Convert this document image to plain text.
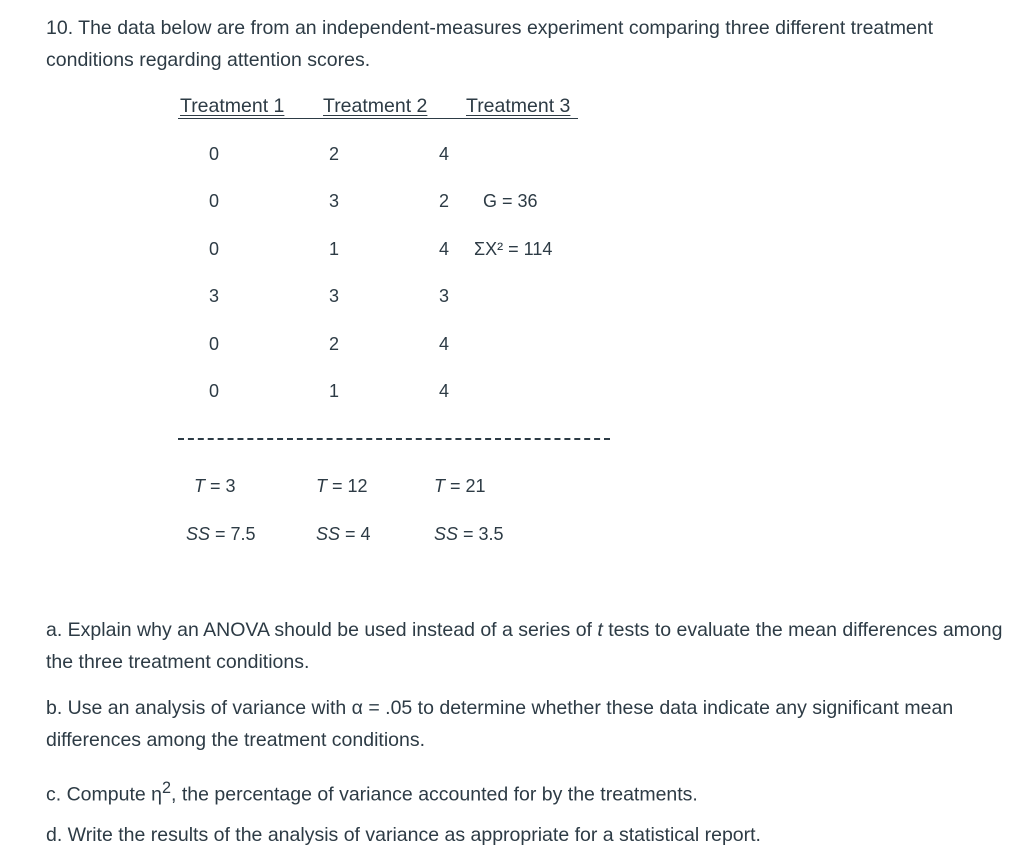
10. The data below are from an independent-measures experiment comparing three different treatment conditions regarding attention scores.

Treatment 1 Treatment 2 Treatment 3
0	2	4
0	3	2
0	1	4
3	3	3
0	2	4
0	1	4
G = 36
ΣX² = 114
T = 3	T = 12	T = 21
SS = 7.5	SS = 4	SS = 3.5

a. Explain why an ANOVA should be used instead of a series of t tests to evaluate the mean differences among the three treatment conditions.

b. Use an analysis of variance with α = .05 to determine whether these data indicate any significant mean differences among the treatment conditions.

c. Compute $\eta^2$, the percentage of variance accounted for by the treatments.

d. Write the results of the analysis of variance as appropriate for a statistical report.
